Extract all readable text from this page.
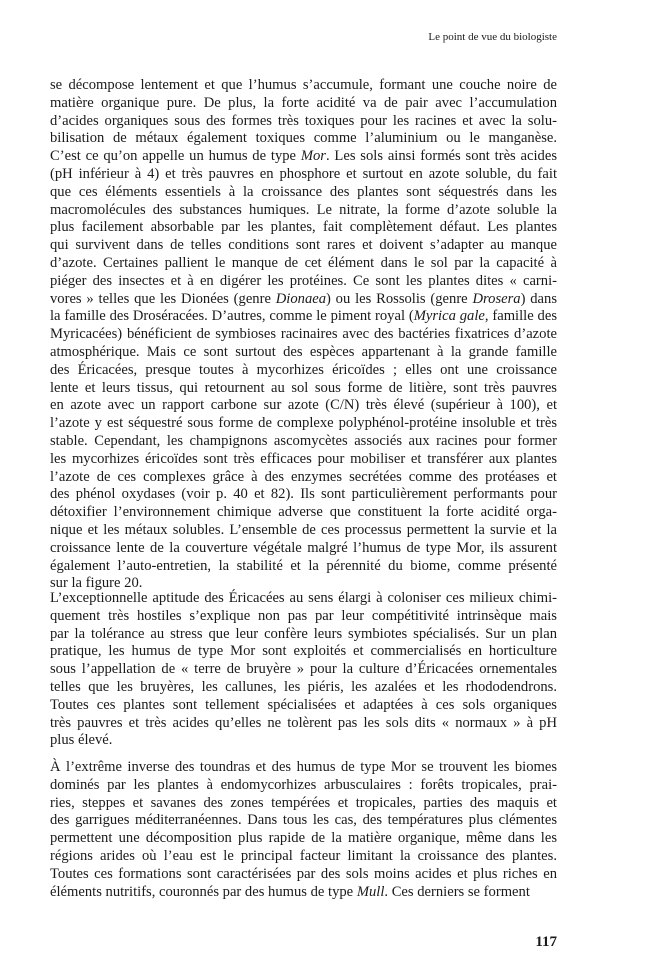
Le point de vue du biologiste
se décompose lentement et que l’humus s’accumule, formant une couche noire de
matière organique pure. De plus, la forte acidité va de pair avec l’accumulation
d’acides organiques sous des formes très toxiques pour les racines et avec la solu-
bilisation de métaux également toxiques comme l’aluminium ou le manganèse.
C’est ce qu’on appelle un humus de type Mor. Les sols ainsi formés sont très acides
(pH inférieur à 4) et très pauvres en phosphore et surtout en azote soluble, du fait
que ces éléments essentiels à la croissance des plantes sont séquestrés dans les
macromolécules des substances humiques. Le nitrate, la forme d’azote soluble la
plus facilement absorbable par les plantes, fait complètement défaut. Les plantes
qui survivent dans de telles conditions sont rares et doivent s’adapter au manque
d’azote. Certaines pallient le manque de cet élément dans le sol par la capacité à
piéger des insectes et à en digérer les protéines. Ce sont les plantes dites « carni-
vores » telles que les Dionées (genre Dionaea) ou les Rossolis (genre Drosera) dans
la famille des Droséracées. D’autres, comme le piment royal (Myrica gale, famille des
Myricacées) bénéficient de symbioses racinaires avec des bactéries fixatrices d’azote
atmosphérique. Mais ce sont surtout des espèces appartenant à la grande famille
des Éricacées, presque toutes à mycorhizes éricoïdes ; elles ont une croissance
lente et leurs tissus, qui retournent au sol sous forme de litière, sont très pauvres
en azote avec un rapport carbone sur azote (C/N) très élevé (supérieur à 100), et
l’azote y est séquestré sous forme de complexe polyphénol-protéine insoluble et très
stable. Cependant, les champignons ascomycètes associés aux racines pour former
les mycorhizes éricoïdes sont très efficaces pour mobiliser et transférer aux plantes
l’azote de ces complexes grâce à des enzymes secrétées comme des protéases et
des phénol oxydases (voir p. 40 et 82). Ils sont particulièrement performants pour
détoxifier l’environnement chimique adverse que constituent la forte acidité orga-
nique et les métaux solubles. L’ensemble de ces processus permettent la survie et la
croissance lente de la couverture végétale malgré l’humus de type Mor, ils assurent
également l’auto-entretien, la stabilité et la pérennité du biome, comme présenté
sur la figure 20.
L’exceptionnelle aptitude des Éricacées au sens élargi à coloniser ces milieux chimi-
quement très hostiles s’explique non pas par leur compétitivité intrinsèque mais
par la tolérance au stress que leur confère leurs symbiotes spécialisés. Sur un plan
pratique, les humus de type Mor sont exploités et commercialisés en horticulture
sous l’appellation de « terre de bruyère » pour la culture d’Éricacées ornementales
telles que les bruyères, les callunes, les piéris, les azalées et les rhododendrons.
Toutes ces plantes sont tellement spécialisées et adaptées à ces sols organiques
très pauvres et très acides qu’elles ne tolèrent pas les sols dits « normaux » à pH
plus élevé.
À l’extrême inverse des toundras et des humus de type Mor se trouvent les biomes
dominés par les plantes à endomycorhizes arbusculaires : forêts tropicales, prai-
ries, steppes et savanes des zones tempérées et tropicales, parties des maquis et
des garrigues méditerranéennes. Dans tous les cas, des températures plus clémentes
permettent une décomposition plus rapide de la matière organique, même dans les
régions arides où l’eau est le principal facteur limitant la croissance des plantes.
Toutes ces formations sont caractérisées par des sols moins acides et plus riches en
éléments nutritifs, couronnés par des humus de type Mull. Ces derniers se forment
117
